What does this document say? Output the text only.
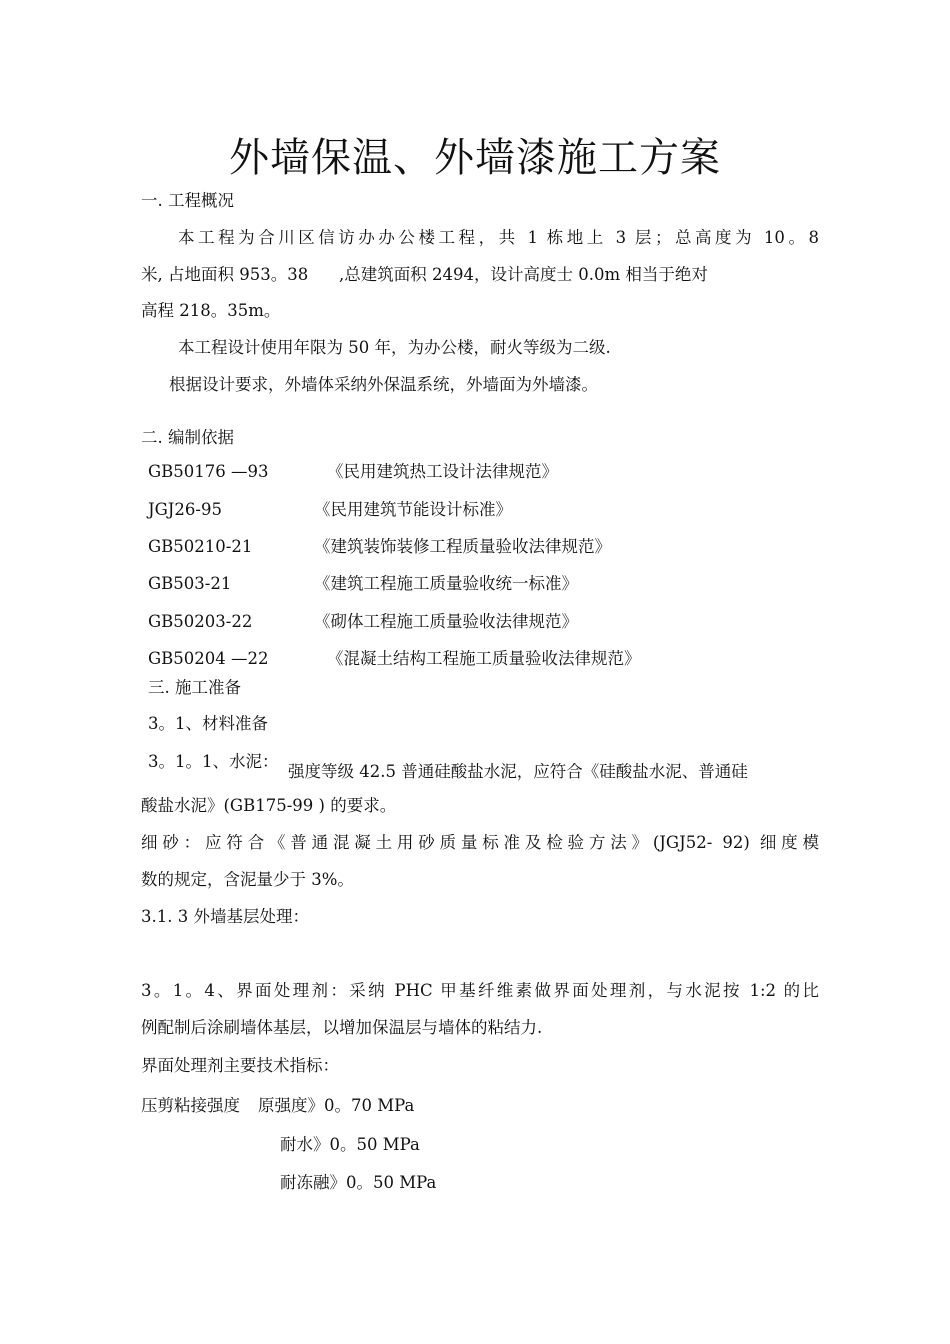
外墙保温、外墙漆施工方案
一. 工程概况
本工程为合川区信访办办公楼工程，共 1 栋地上 3 层；总高度为 10。8
米, 占地面积 953。38 ,总建筑面积 2494，设计高度士 0.0m 相当于绝对
高程 218。35m。
本工程设计使用年限为 50 年，为办公楼，耐火等级为二级.
根据设计要求，外墙体采纳外保温系统，外墙面为外墙漆。
二. 编制依据
GB50176 —93	《民用建筑热工设计法律规范》
JGJ26-95	《民用建筑节能设计标准》
GB50210-21	《建筑装饰装修工程质量验收法律规范》
GB503-21	《建筑工程施工质量验收统一标准》
GB50203-22	《砌体工程施工质量验收法律规范》
GB50204 —22	《混凝土结构工程施工质量验收法律规范》
三. 施工准备
3。1、材料准备
3。1。1、水泥：
强度等级 42.5 普通硅酸盐水泥，应符合《硅酸盐水泥、普通硅
酸盐水泥》(GB175-99 ) 的要求。
细砂：应符合《普通混凝土用砂质量标准及检验方法》(JGJ52- 92) 细度模
数的规定，含泥量少于 3%。
3.1. 3 外墙基层处理：
3。1。4、界面处理剂：采纳 PHC 甲基纤维素做界面处理剂，与水泥按 1:2 的比
例配制后涂刷墙体基层，以增加保温层与墙体的粘结力.
界面处理剂主要技术指标：
压剪粘接强度 原强度》0。70 MPa
耐水》0。50 MPa
耐冻融》0。50 MPa
